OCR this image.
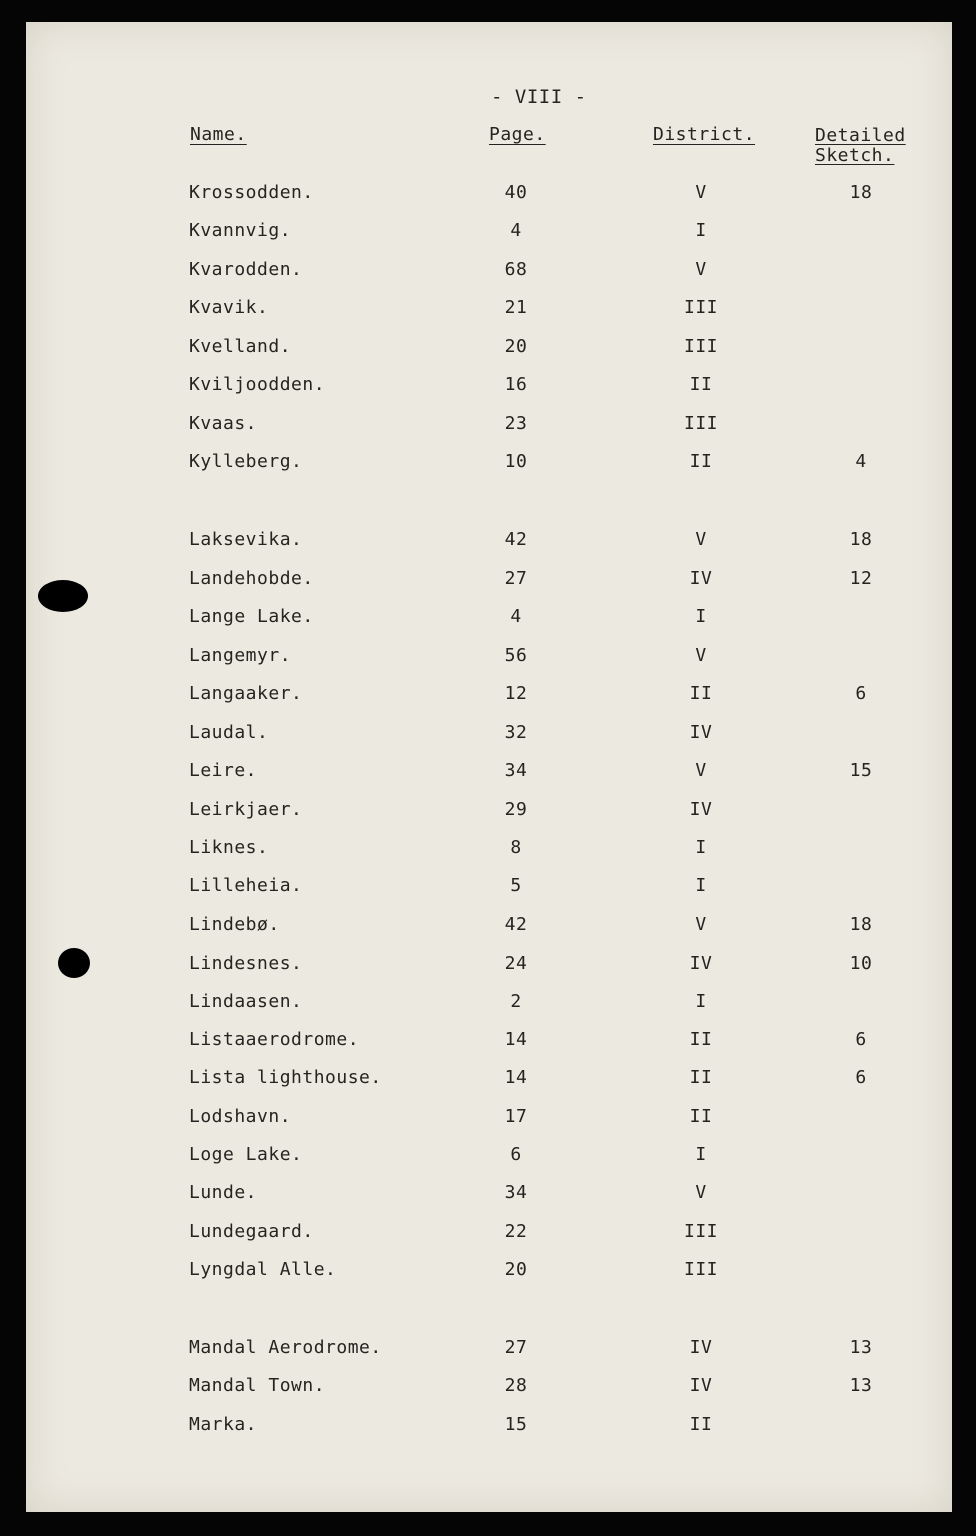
- VIII -
Name.	Page.	District.	Detailed
Sketch.
Krossodden.	40	V	18
Kvannvig.	4	I
Kvarodden.	68	V
Kvavik.	21	III
Kvelland.	20	III
Kviljoodden.	16	II
Kvaas.	23	III
Kylleberg.	10	II	4
Laksevika.	42	V	18
Landehobde.	27	IV	12
Lange Lake.	4	I
Langemyr.	56	V
Langaaker.	12	II	6
Laudal.	32	IV
Leire.	34	V	15
Leirkjaer.	29	IV
Liknes.	8	I
Lilleheia.	5	I
Lindebø.	42	V	18
Lindesnes.	24	IV	10
Lindaasen.	2	I
Listaaerodrome.	14	II	6
Lista lighthouse.	14	II	6
Lodshavn.	17	II
Loge Lake.	6	I
Lunde.	34	V
Lundegaard.	22	III
Lyngdal Alle.	20	III
Mandal Aerodrome.	27	IV	13
Mandal Town.	28	IV	13
Marka.	15	II
